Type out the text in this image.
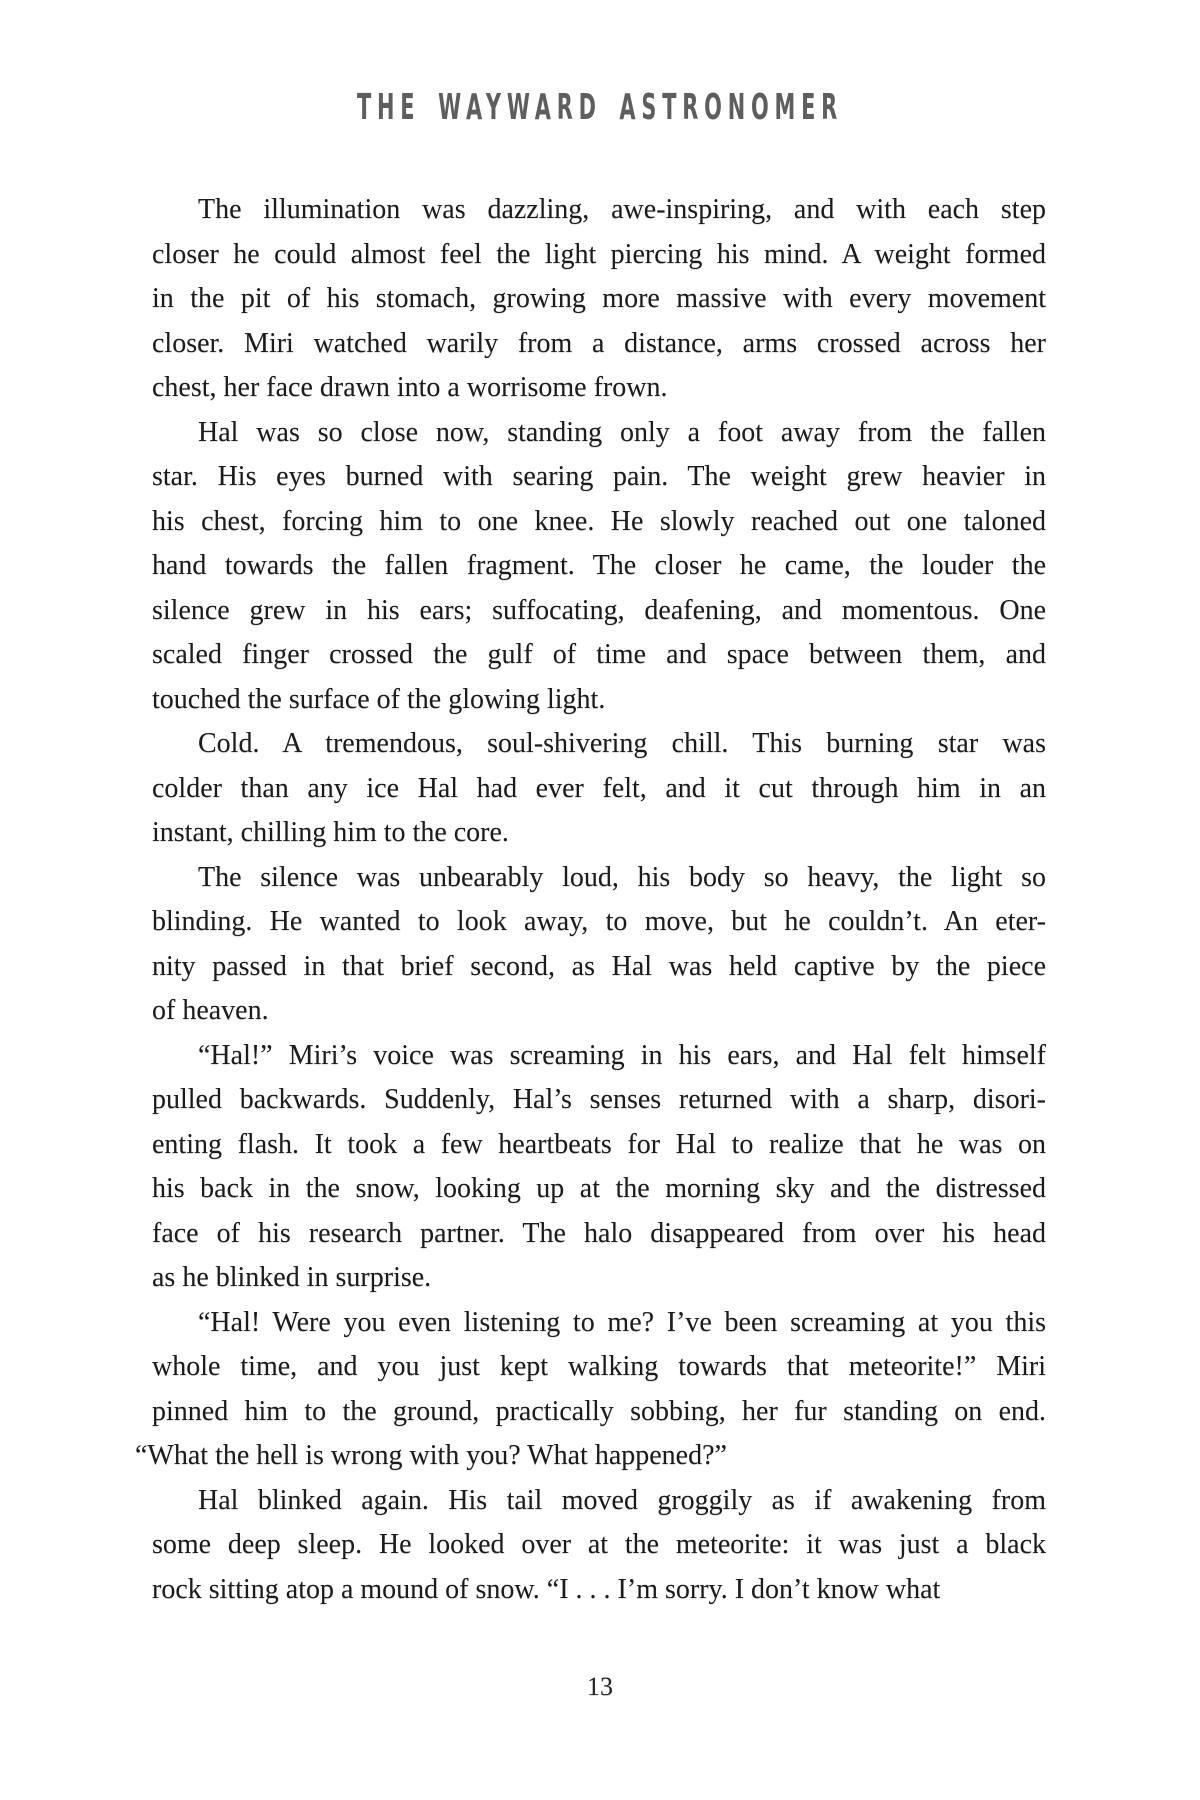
THE WAYWARD ASTRONOMER

The illumination was dazzling, awe-inspiring, and with each step
closer he could almost feel the light piercing his mind. A weight formed
in the pit of his stomach, growing more massive with every movement
closer. Miri watched warily from a distance, arms crossed across her
chest, her face drawn into a worrisome frown.

Hal was so close now, standing only a foot away from the fallen
star. His eyes burned with searing pain. The weight grew heavier in
his chest, forcing him to one knee. He slowly reached out one taloned
hand towards the fallen fragment. The closer he came, the louder the
silence grew in his ears; suffocating, deafening, and momentous. One
scaled finger crossed the gulf of time and space between them, and
touched the surface of the glowing light.

Cold. A tremendous, soul-shivering chill. This burning star was
colder than any ice Hal had ever felt, and it cut through him in an
instant, chilling him to the core.

The silence was unbearably loud, his body so heavy, the light so
blinding. He wanted to look away, to move, but he couldn’t. An eter-
nity passed in that brief second, as Hal was held captive by the piece
of heaven.

“Hal!” Miri’s voice was screaming in his ears, and Hal felt himself
pulled backwards. Suddenly, Hal’s senses returned with a sharp, disori-
enting flash. It took a few heartbeats for Hal to realize that he was on
his back in the snow, looking up at the morning sky and the distressed
face of his research partner. The halo disappeared from over his head
as he blinked in surprise.

“Hal! Were you even listening to me? I’ve been screaming at you this
whole time, and you just kept walking towards that meteorite!” Miri
pinned him to the ground, practically sobbing, her fur standing on end.
“What the hell is wrong with you? What happened?”

Hal blinked again. His tail moved groggily as if awakening from
some deep sleep. He looked over at the meteorite: it was just a black
rock sitting atop a mound of snow. “I . . . I’m sorry. I don’t know what

13
